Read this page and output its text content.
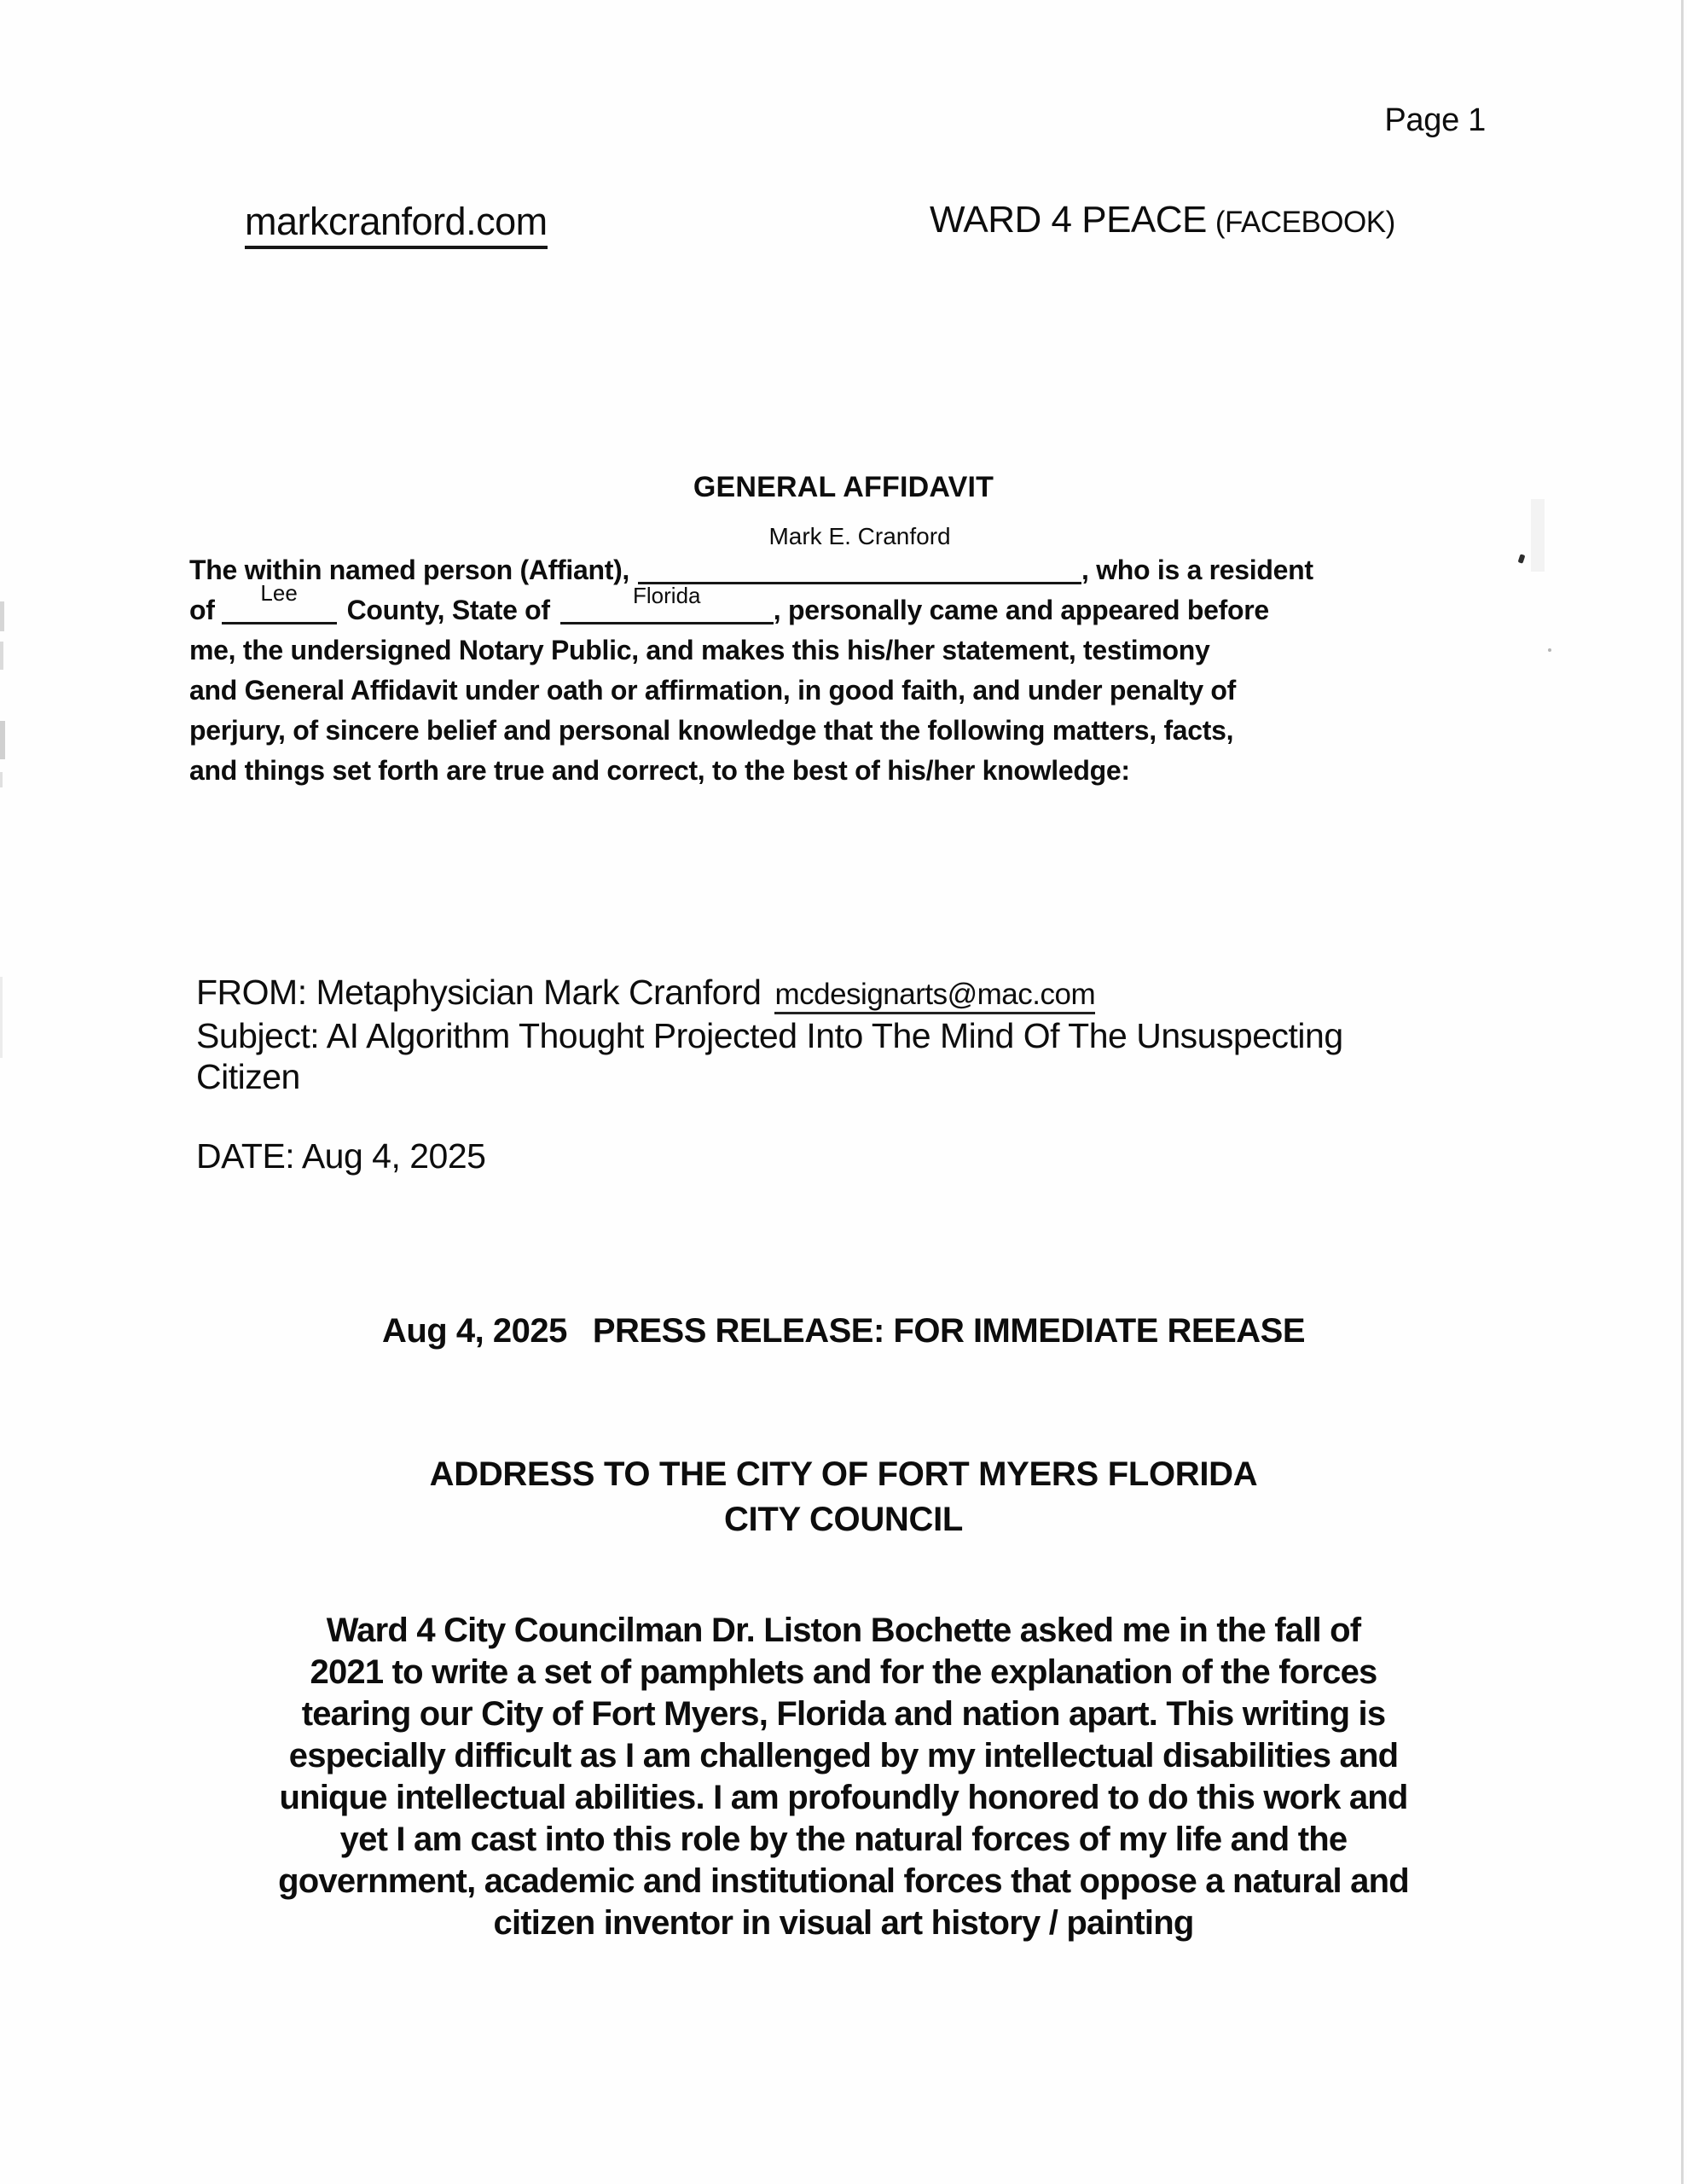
Page 1
markcranford.com	WARD 4 PEACE (FACEBOOK)
GENERAL AFFIDAVIT
The within named person (Affiant),
Mark E. Cranford
, who is a resident
of
Lee
County, State of	Florida	, personally came and appeared before
me, the undersigned Notary Public, and makes this his/her statement, testimony
and General Affidavit under oath or affirmation, in good faith, and under penalty of
perjury, of sincere belief and personal knowledge that the following matters, facts,
and things set forth are true and correct, to the best of his/her knowledge:
FROM: Metaphysician Mark Cranford mcdesignarts@mac.com
Subject: AI Algorithm Thought Projected Into The Mind Of The Unsuspecting
Citizen
DATE: Aug 4, 2025
Aug 4, 2025 PRESS RELEASE: FOR IMMEDIATE REEASE
ADDRESS TO THE CITY OF FORT MYERS FLORIDA
CITY COUNCIL
Ward 4 City Councilman Dr. Liston Bochette asked me in the fall of
2021 to write a set of pamphlets and for the explanation of the forces
tearing our City of Fort Myers, Florida and nation apart. This writing is
especially difficult as I am challenged by my intellectual disabilities and
unique intellectual abilities. I am profoundly honored to do this work and
yet I am cast into this role by the natural forces of my life and the
government, academic and institutional forces that oppose a natural and
citizen inventor in visual art history / painting
